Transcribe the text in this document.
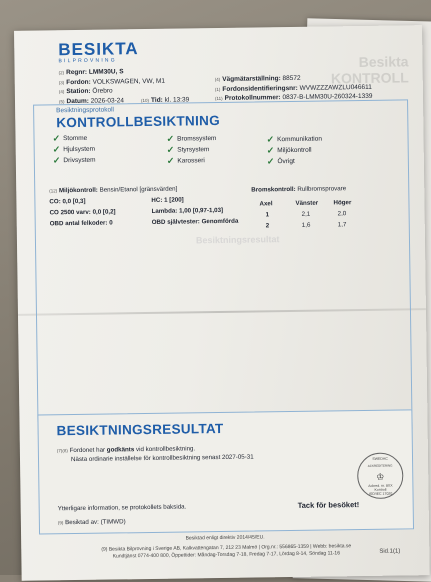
BESIKTA
BILPROVNING	Besikta
KONTROLL
(2) Regnr: LMM30U, S
(3) Fordon: VOLKSWAGEN, VW, M1
(4) Station: Örebro
(5) Datum: 2026-03-24	(10) Tid: kl. 13:39
(4) Vägmätarställning: 88572
(1) Fordonsidentifieringsnr: WVWZZZAWZLU046611
(11) Protokollnummer: 0837-B-LMM30U-260324-1339
Besiktningsprotokoll
KONTROLLBESIKTNING
Besiktningsresultat
✓ Stomme
✓ Hjulsystem
✓ Drivsystem
✓ Bromssystem
✓ Styrsystem
✓ Karosseri
✓ Kommunikation
✓ Miljökontroll
✓ Övrigt
(12) Miljökontroll: Bensin/Etanol [gränsvärden]
CO: 0,0 [0,3]
CO 2500 varv: 0,0 [0,2]
OBD antal felkoder: 0
HC: 1 [200]
Lambda: 1,00 [0,97-1,03]
OBD självtester: Genomförda
Bromskontroll: Rullbromsprovare
Axel	Vänster Höger
1	2,1	2,0
2	1,6	1,7
BESIKTNINGSRESULTAT
(7)(8) Fordonet har godkänts vid kontrollbesiktning.
Nästa ordinarie inställelse för kontrollbesiktning senast 2027-05-31
Ytterligare information, se protokollets baksida.	Tack för besöket!
(9) Besiktad av: (TIMWD)
SWEDAC
ACKREDITERING
♔
Ackred. nr. 8XX
Kontroll
ISO/IEC 17020
Besiktad enligt direktiv 2014/45/EU.
(9) Besikta Bilprovning i Sverige AB, Kalkvattengatan 7, 212 23 Malmö | Org.nr.: 556865-1359 | Webb: besikta.se
Kundtjänst 0774-400 800, Öppettider: Måndag-Torsdag 7-18, Fredag 7-17, Lördag 8-14, Söndag 11-16	Sid.1(1)
